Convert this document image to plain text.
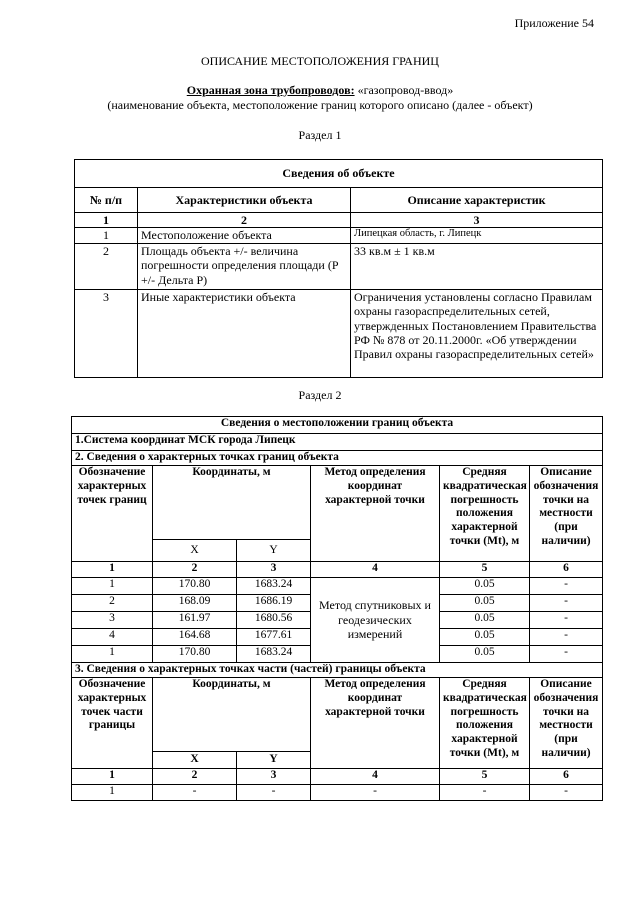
Приложение 54
ОПИСАНИЕ МЕСТОПОЛОЖЕНИЯ ГРАНИЦ
Охранная зона трубопроводов: «газопровод-ввод»
(наименование объекта, местоположение границ которого описано (далее - объект)
Раздел 1
Сведения об объекте		
№ п/п	Характеристики объекта	Описание характеристик
1	2	3
1	Местоположение объекта	Липецкая область, г. Липецк
2	Площадь объекта +/- величина погрешности определения площади (Р +/- Дельта Р)	33 кв.м ± 1 кв.м
3	Иные характеристики объекта	Ограничения установлены согласно Правилам охраны газораспределительных сетей, утвержденных Постановлением Правительства РФ № 878 от 20.11.2000г. «Об утверждении Правил охраны газораспределительных сетей»
Раздел 2
Сведения о местоположении границ объекта					
1.Система координат МСК города Липецк					
2. Сведения о характерных точках границ объекта					
Обозначение характерных точек границ	Координаты, м		Метод определения координат характерной точки	Средняя квадратическая погрешность положения характерной точки (Mt), м	Описание обозначения точки на местности (при наличии)
	X	Y			
1	2	3	4	5	6
1	170.80	1683.24	Метод спутниковых и геодезических измерений	0.05	-
2	168.09	1686.19		0.05	-
3	161.97	1680.56		0.05	-
4	164.68	1677.61		0.05	-
1	170.80	1683.24		0.05	-
3. Сведения о характерных точках части (частей) границы объекта					
Обозначение характерных точек части границы	Координаты, м		Метод определения координат характерной точки	Средняя квадратическая погрешность положения характерной точки (Mt), м	Описание обозначения точки на местности (при наличии)
	X	Y			
1	2	3	4	5	6
1	-	-	-	-	-
